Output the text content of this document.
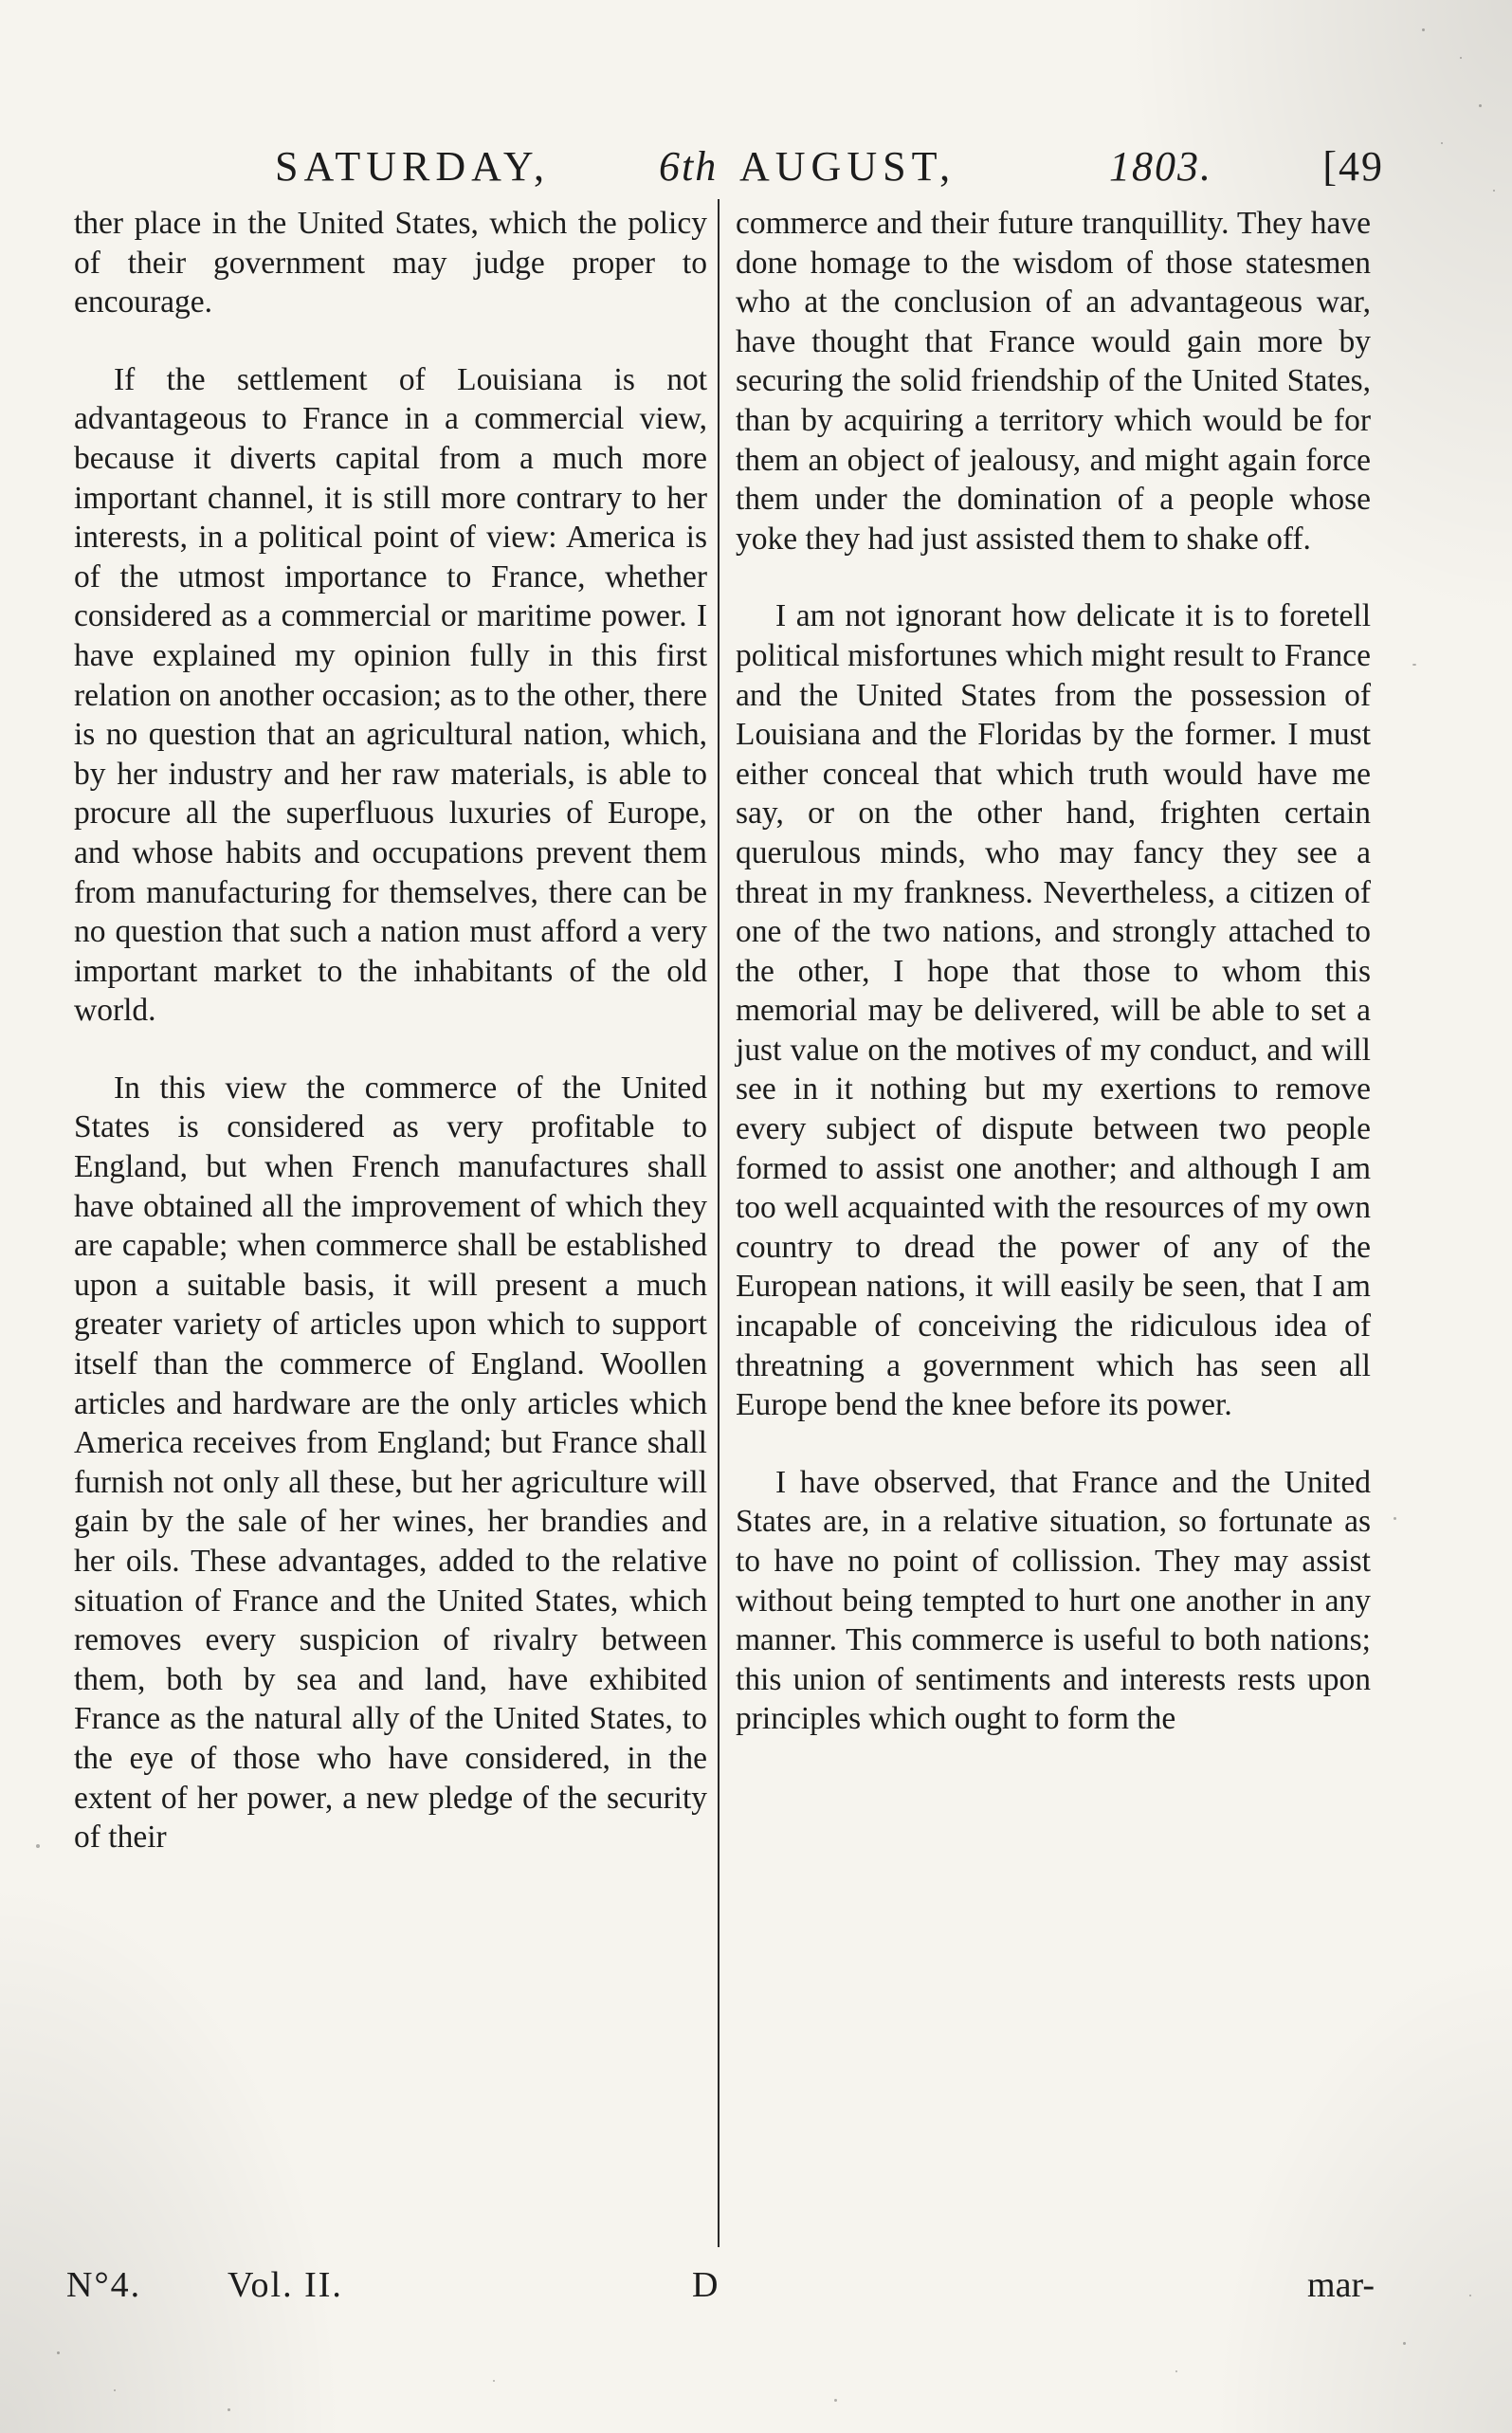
SATURDAY,	6th AUGUST,	1803.	[49

ther place in the United States, which the policy of their government may judge proper to encourage.

If the settlement of Louisiana is not advantageous to France in a commercial view, because it diverts capital from a much more important channel, it is still more contrary to her interests, in a political point of view: America is of the utmost importance to France, whether considered as a commercial or maritime power. I have explained my opinion fully in this first relation on another occasion; as to the other, there is no question that an agricultural nation, which, by her industry and her raw materials, is able to procure all the superfluous luxuries of Europe, and whose habits and occupations prevent them from manufacturing for themselves, there can be no question that such a nation must afford a very important market to the inhabitants of the old world.

In this view the commerce of the United States is considered as very profitable to England, but when French manufactures shall have obtained all the improvement of which they are capable; when commerce shall be established upon a suitable basis, it will present a much greater variety of articles upon which to support itself than the commerce of England. Woollen articles and hardware are the only articles which America receives from England; but France shall furnish not only all these, but her agriculture will gain by the sale of her wines, her brandies and her oils. These advantages, added to the relative situation of France and the United States, which removes every suspicion of rivalry between them, both by sea and land, have exhibited France as the natural ally of the United States, to the eye of those who have considered, in the extent of her power, a new pledge of the security of their

commerce and their future tranquillity. They have done homage to the wisdom of those statesmen who at the conclusion of an advantageous war, have thought that France would gain more by securing the solid friendship of the United States, than by acquiring a territory which would be for them an object of jealousy, and might again force them under the domination of a people whose yoke they had just assisted them to shake off.

I am not ignorant how delicate it is to foretell political misfortunes which might result to France and the United States from the possession of Louisiana and the Floridas by the former. I must either conceal that which truth would have me say, or on the other hand, frighten certain querulous minds, who may fancy they see a threat in my frankness. Nevertheless, a citizen of one of the two nations, and strongly attached to the other, I hope that those to whom this memorial may be delivered, will be able to set a just value on the motives of my conduct, and will see in it nothing but my exertions to remove every subject of dispute between two people formed to assist one another; and although I am too well acquainted with the resources of my own country to dread the power of any of the European nations, it will easily be seen, that I am incapable of conceiving the ridiculous idea of threatning a government which has seen all Europe bend the knee before its power.

I have observed, that France and the United States are, in a relative situation, so fortunate as to have no point of collission. They may assist without being tempted to hurt one another in any manner. This commerce is useful to both nations; this union of sentiments and interests rests upon principles which ought to form the

N°4. Vol. II.	D	mar-
